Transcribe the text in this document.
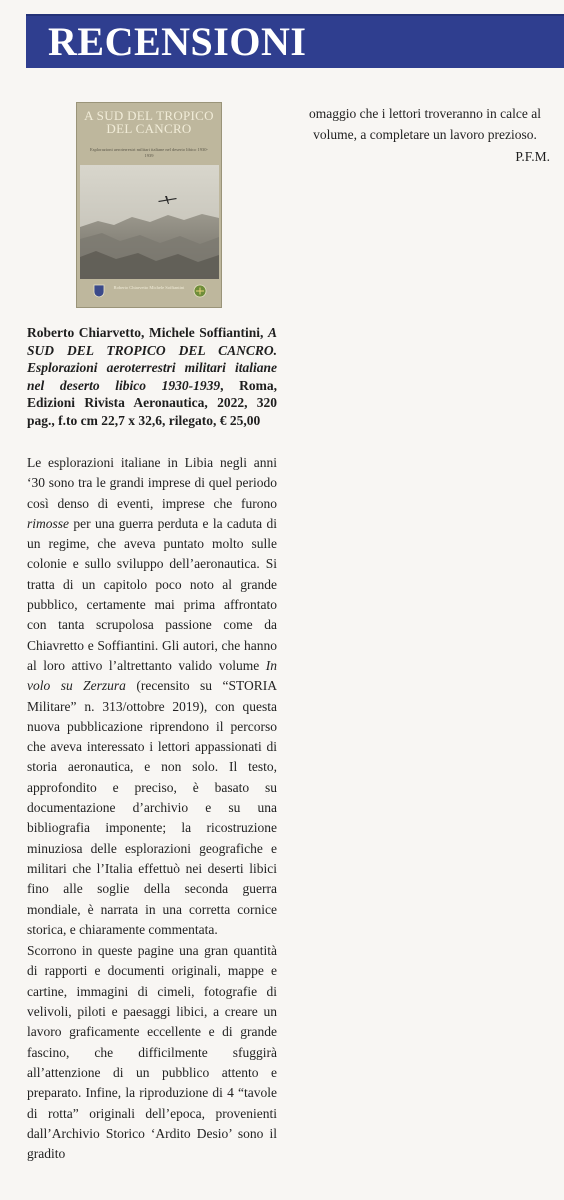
RECENSIONI
A SUD DEL TROPICO DEL CANCRO
Esplorazioni aeroterrestri militari italiane nel deserto libico 1930-1939
Roberto Chiarvetto Michele Soffiantini

Roberto Chiarvetto, Michele Soffiantini, A SUD DEL TROPICO DEL CANCRO. Esplorazioni aeroterrestri militari italiane nel deserto libico 1930-1939, Roma, Edizioni Rivista Aeronautica, 2022, 320 pag., f.to cm 22,7 x 32,6, rilegato, € 25,00

Le esplorazioni italiane in Libia negli anni ‘30 sono tra le grandi imprese di quel periodo così denso di eventi, imprese che furono rimosse per una guerra perduta e la caduta di un regime, che aveva puntato molto sulle colonie e sullo sviluppo dell’aeronautica. Si tratta di un capitolo poco noto al grande pubblico, certamente mai prima affrontato con tanta scrupolosa passione come da Chiavretto e Soffiantini. Gli autori, che hanno al loro attivo l’altrettanto valido volume In volo su Zerzura (recensito su “STORIA Militare” n. 313/ottobre 2019), con questa nuova pubblicazione riprendono il percorso che aveva interessato i lettori appassionati di storia aeronautica, e non solo. Il testo, approfondito e preciso, è basato su documentazione d’archivio e su una bibliografia imponente; la ricostruzione minuziosa delle esplorazioni geografiche e militari che l’Italia effettuò nei deserti libici fino alle soglie della seconda guerra mondiale, è narrata in una corretta cornice storica, e chiaramente commentata.

Scorrono in queste pagine una gran quantità di rapporti e documenti originali, mappe e cartine, immagini di cimeli, fotografie di velivoli, piloti e paesaggi libici, a creare un lavoro graficamente eccellente e di grande fascino, che difficilmente sfuggirà all’attenzione di un pubblico attento e preparato. Infine, la riproduzione di 4 “tavole di rotta” originali dell’epoca, provenienti dall’Archivio Storico ‘Ardito Desio’ sono il gradito

omaggio che i lettori troveranno in calce al volume, a completare un lavoro prezioso.

P.F.M.
